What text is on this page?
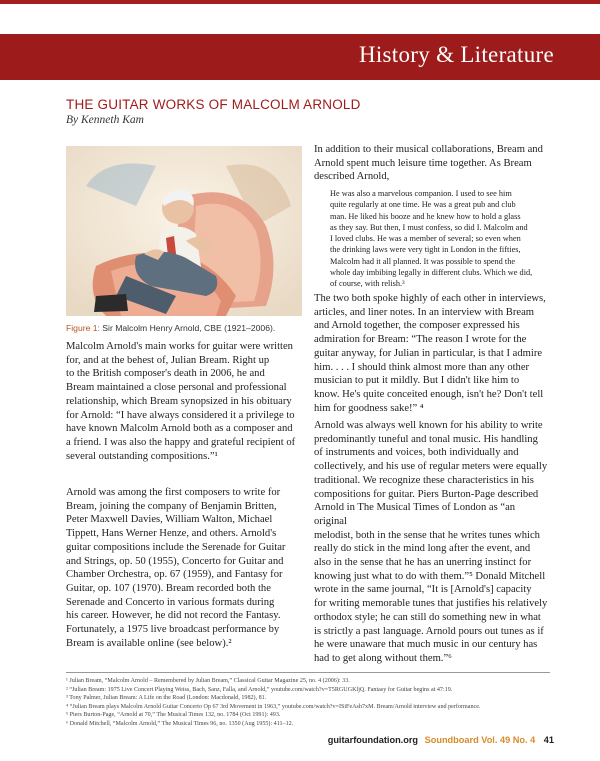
History & Literature
THE GUITAR WORKS OF MALCOLM ARNOLD
By Kenneth Kam
Figure 1: Sir Malcolm Henry Arnold, CBE (1921–2006).
Malcolm Arnold's main works for guitar were written
for, and at the behest of, Julian Bream. Right up
to the British composer's death in 2006, he and
Bream maintained a close personal and professional
relationship, which Bream synopsized in his obituary
for Arnold: “I have always considered it a privilege to
have known Malcolm Arnold both as a composer and
a friend. I was also the happy and grateful recipient of
several outstanding compositions.”¹
Arnold was among the first composers to write for
Bream, joining the company of Benjamin Britten,
Peter Maxwell Davies, William Walton, Michael
Tippett, Hans Werner Henze, and others. Arnold's
guitar compositions include the Serenade for Guitar
and Strings, op. 50 (1955), Concerto for Guitar and
Chamber Orchestra, op. 67 (1959), and Fantasy for
Guitar, op. 107 (1970). Bream recorded both the
Serenade and Concerto in various formats during
his career. However, he did not record the Fantasy.
Fortunately, a 1975 live broadcast performance by
Bream is available online (see below).²
In addition to their musical collaborations, Bream and
Arnold spent much leisure time together. As Bream
described Arnold,
He was also a marvelous companion. I used to see him
quite regularly at one time. He was a great pub and club
man. He liked his booze and he knew how to hold a glass
as they say. But then, I must confess, so did I. Malcolm and
I loved clubs. He was a member of several; so even when
the drinking laws were very tight in London in the fifties,
Malcolm had it all planned. It was possible to spend the
whole day imbibing legally in different clubs. Which we did,
of course, with relish.³
The two both spoke highly of each other in interviews,
articles, and liner notes. In an interview with Bream
and Arnold together, the composer expressed his
admiration for Bream: “The reason I wrote for the
guitar anyway, for Julian in particular, is that I admire
him. . . . I should think almost more than any other
musician to put it mildly. But I didn't like him to
know. He's quite conceited enough, isn't he? Don't tell
him for goodness sake!” ⁴
Arnold was always well known for his ability to write
predominantly tuneful and tonal music. His handling
of instruments and voices, both individually and
collectively, and his use of regular meters were equally
traditional. We recognize these characteristics in his
compositions for guitar. Piers Burton-Page described
Arnold in The Musical Times of London as “an original
melodist, both in the sense that he writes tunes which
really do stick in the mind long after the event, and
also in the sense that he has an unerring instinct for
knowing just what to do with them.”⁵ Donald Mitchell
wrote in the same journal, “It is [Arnold's] capacity
for writing memorable tunes that justifies his relatively
orthodox style; he can still do something new in what
is strictly a past language. Arnold pours out tunes as if
he were unaware that much music in our century has
had to get along without them.”⁶
¹ Julian Bream, “Malcolm Arnold – Remembered by Julian Bream,” Classical Guitar Magazine 25, no. 4 (2006): 33.
² “Julian Bream: 1975 Live Concert Playing Weiss, Bach, Sanz, Falla, and Arnold,” youtube.com/watch?v=T5RGUGKljQ. Fantasy for Guitar begins at 47:19.
³ Tony Palmer, Julian Bream: A Life on the Road (London: Macdonald, 1982), 81.
⁴ “Julian Bream plays Malcolm Arnold Guitar Concerto Op 67 3rd Movement in 1963,” youtube.com/watch?v=ISiFeAsh7xM. Bream/Arnold interview and performance.
⁵ Piers Burton-Page, “Arnold at 70,” The Musical Times 132, no. 1784 (Oct 1991): 493.
⁶ Donald Mitchell, “Malcolm Arnold,” The Musical Times 96, no. 1350 (Aug 1955): 411–12.
guitarfoundation.org Soundboard Vol. 49 No. 4 41
